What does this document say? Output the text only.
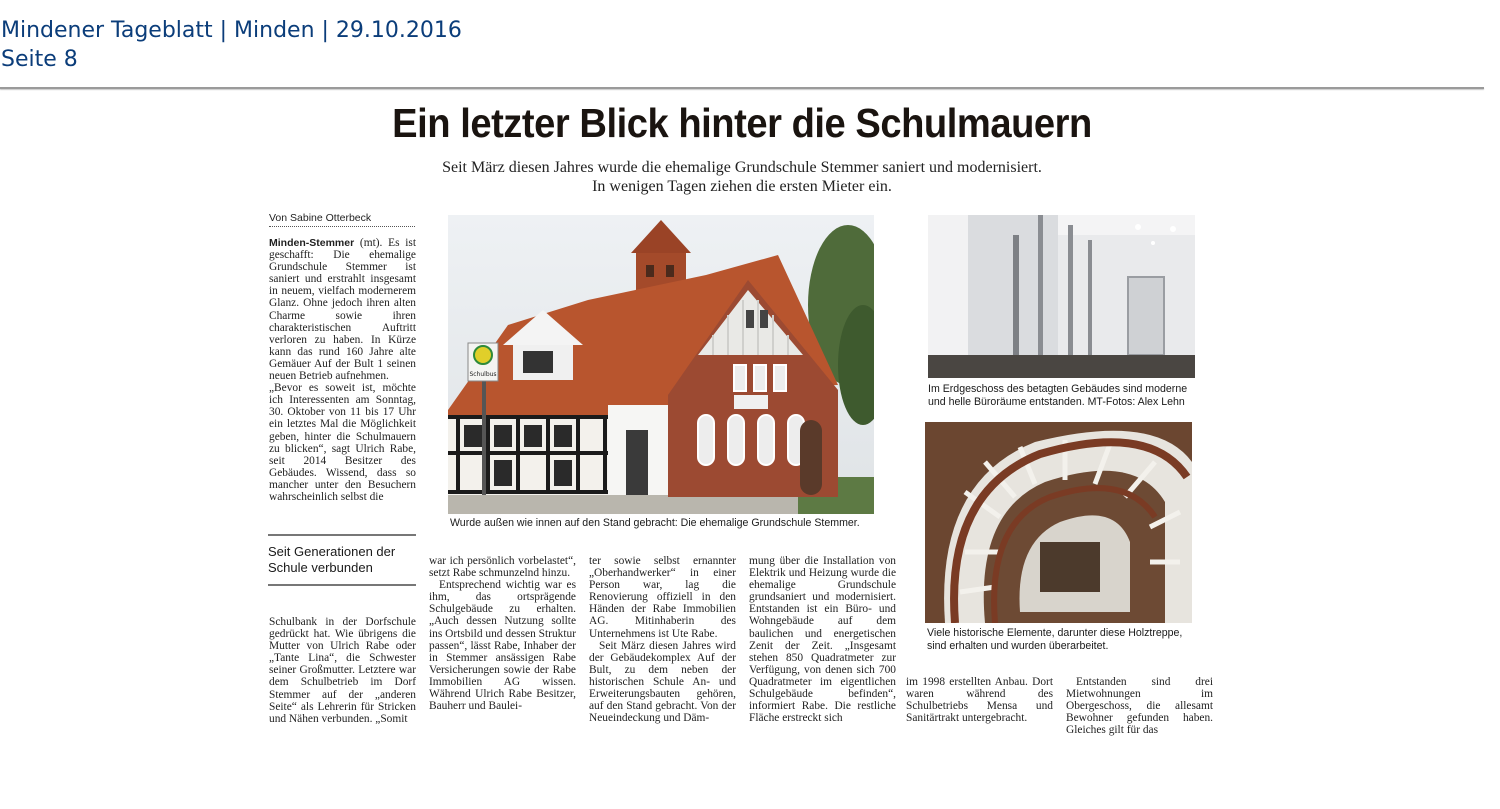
Mindener Tageblatt | Minden | 29.10.2016
Seite 8
Ein letzter Blick hinter die Schulmauern
Seit März diesen Jahres wurde die ehemalige Grundschule Stemmer saniert und modernisiert.
In wenigen Tagen ziehen die ersten Mieter ein.
Von Sabine Otterbeck

Minden-Stemmer (mt). Es ist geschafft: Die ehemalige Grundschule Stemmer ist saniert und erstrahlt insgesamt in neuem, vielfach modernerem Glanz. Ohne jedoch ihren alten Charme sowie ihren charakteristischen Auftritt verloren zu haben. In Kürze kann das rund 160 Jahre alte Gemäuer Auf der Bult 1 seinen neuen Betrieb aufnehmen.

„Bevor es soweit ist, möchte ich Interessenten am Sonntag, 30. Oktober von 11 bis 17 Uhr ein letztes Mal die Möglichkeit geben, hinter die Schulmauern zu blicken“, sagt Ulrich Rabe, seit 2014 Besitzer des Gebäudes. Wissend, dass so mancher unter den Besuchern wahrscheinlich selbst die

Seit Generationen der Schule verbunden

Schulbank in der Dorfschule gedrückt hat. Wie übrigens die Mutter von Ulrich Rabe oder „Tante Lina“, die Schwester seiner Großmutter. Letztere war dem Schulbetrieb im Dorf Stemmer auf der „anderen Seite“ als Lehrerin für Stricken und Nähen verbunden. „Somit

war ich persönlich vorbelastet“, setzt Rabe schmunzelnd hinzu.

Entsprechend wichtig war es ihm, das ortsprägende Schulgebäude zu erhalten. „Auch dessen Nutzung sollte ins Ortsbild und dessen Struktur passen“, lässt Rabe, Inhaber der in Stemmer ansässigen Rabe Versicherungen sowie der Rabe Immobilien AG wissen. Während Ulrich Rabe Besitzer, Bauherr und Baulei-

ter sowie selbst ernannter „Oberhandwerker“ in einer Person war, lag die Renovierung offiziell in den Händen der Rabe Immobilien AG. Mitinhaberin des Unternehmens ist Ute Rabe.

Seit März diesen Jahres wird der Gebäudekomplex Auf der Bult, zu dem neben der historischen Schule An- und Erweiterungsbauten gehören, auf den Stand gebracht. Von der Neueindeckung und Däm-

mung über die Installation von Elektrik und Heizung wurde die ehemalige Grundschule grundsaniert und modernisiert. Entstanden ist ein Büro- und Wohngebäude auf dem baulichen und energetischen Zenit der Zeit. „Insgesamt stehen 850 Quadratmeter zur Verfügung, von denen sich 700 Quadratmeter im eigentlichen Schulgebäude befinden“, informiert Rabe. Die restliche Fläche erstreckt sich

im 1998 erstellten Anbau. Dort waren während des Schulbetriebs Mensa und Sanitärtrakt untergebracht.

Entstanden sind drei Mietwohnungen im Obergeschoss, die allesamt Bewohner gefunden haben. Gleiches gilt für das

Schulbus
Wurde außen wie innen auf den Stand gebracht: Die ehemalige Grundschule Stemmer.
Im Erdgeschoss des betagten Gebäudes sind moderne
und helle Büroräume entstanden. MT-Fotos: Alex Lehn
Viele historische Elemente, darunter diese Holztreppe,
sind erhalten und wurden überarbeitet.
